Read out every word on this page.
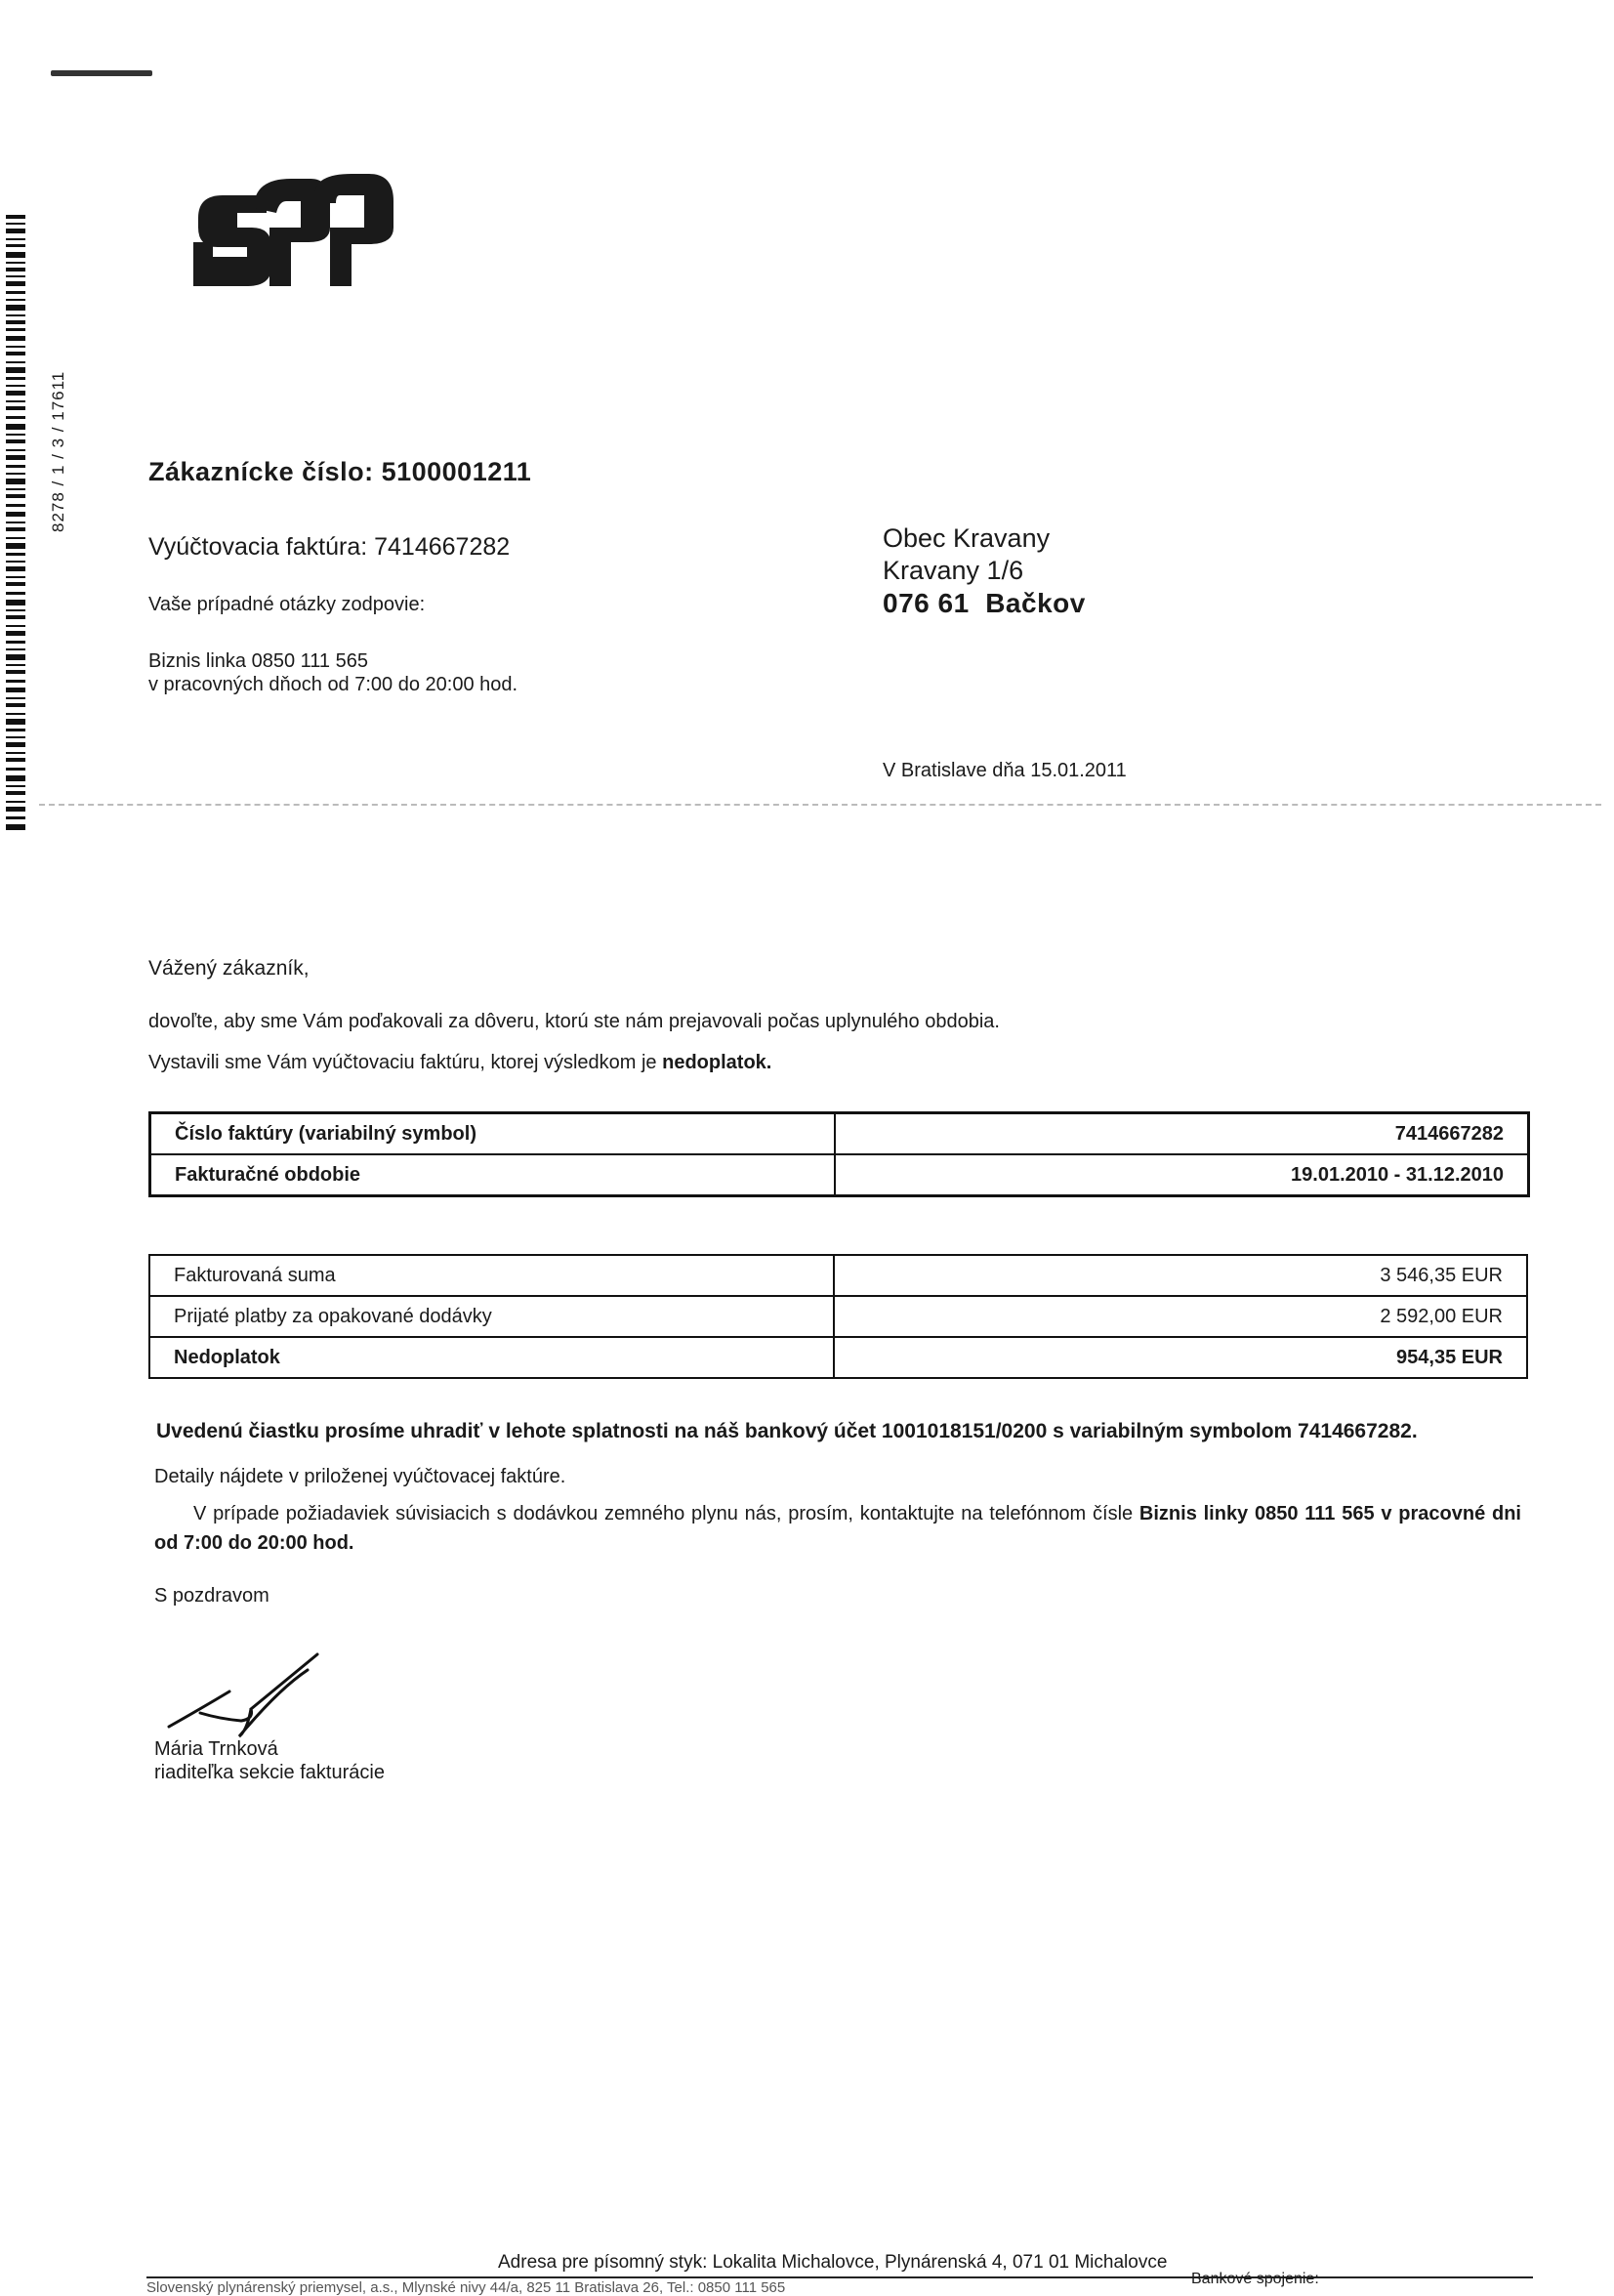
8278 / 1 / 3 / 17611	Zákaznícke číslo: 5100001211
Vyúčtovacia faktúra: 7414667282
Vaše prípadné otázky zodpovie:
Biznis linka 0850 111 565
v pracovných dňoch od 7:00 do 20:00 hod.
Obec Kravany
Kravany 1/6
076 61  Bačkov
V Bratislave dňa 15.01.2011
Vážený zákazník,
dovoľte, aby sme Vám poďakovali za dôveru, ktorú ste nám prejavovali počas uplynulého obdobia.
Vystavili sme Vám vyúčtovaciu faktúru, ktorej výsledkom je nedoplatok.
Číslo faktúry (variabilný symbol)	7414667282
Fakturačné obdobie	19.01.2010 - 31.12.2010
Fakturovaná suma	3 546,35 EUR
Prijaté platby za opakované dodávky	2 592,00 EUR
Nedoplatok	954,35 EUR
Uvedenú čiastku prosíme uhradiť v lehote splatnosti na náš bankový účet 1001018151/0200 s variabilným symbolom 7414667282.
Detaily nájdete v priloženej vyúčtovacej faktúre.
V prípade požiadaviek súvisiacich s dodávkou zemného plynu nás, prosím, kontaktujte na telefónnom čísle Biznis linky 0850 111 565 v pracovné dni od 7:00 do 20:00 hod.
S pozdravom
Mária Trnková
riaditeľka sekcie fakturácie
Adresa pre písomný styk: Lokalita Michalovce, Plynárenská 4, 071 01 Michalovce
Slovenský plynárenský priemysel, a.s., Mlynské nivy 44/a, 825 11 Bratislava 26, Tel.: 0850 111 565
Bankové spojenie:
